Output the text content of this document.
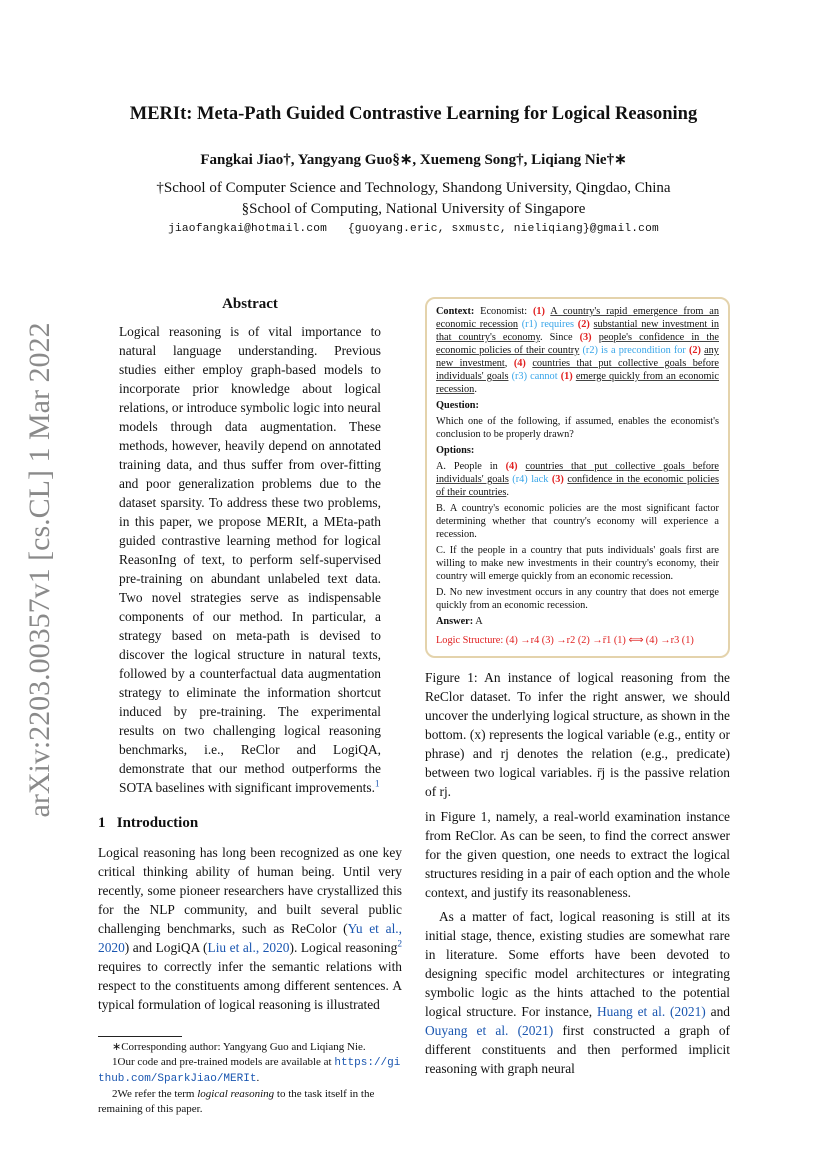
arXiv:2203.00357v1 [cs.CL] 1 Mar 2022
MERIt: Meta-Path Guided Contrastive Learning for Logical Reasoning
Fangkai Jiao†, Yangyang Guo§∗, Xuemeng Song†, Liqiang Nie†∗
†School of Computer Science and Technology, Shandong University, Qingdao, China
§School of Computing, National University of Singapore
jiaofangkai@hotmail.com   {guoyang.eric, sxmustc, nieliqiang}@gmail.com
Abstract
Logical reasoning is of vital importance to natural language understanding. Previous studies either employ graph-based models to incorporate prior knowledge about logical relations, or introduce symbolic logic into neural models through data augmentation. These methods, however, heavily depend on annotated training data, and thus suffer from over-fitting and poor generalization problems due to the dataset sparsity. To address these two problems, in this paper, we propose MERIt, a MEta-path guided contrastive learning method for logical ReasonIng of text, to perform self-supervised pre-training on abundant unlabeled text data. Two novel strategies serve as indispensable components of our method. In particular, a strategy based on meta-path is devised to discover the logical structure in natural texts, followed by a counterfactual data augmentation strategy to eliminate the information shortcut induced by pre-training. The experimental results on two challenging logical reasoning benchmarks, i.e., ReClor and LogiQA, demonstrate that our method outperforms the SOTA baselines with significant improvements.$^1$
1   Introduction
Logical reasoning has long been recognized as one key critical thinking ability of human being. Until very recently, some pioneer researchers have crystallized this for the NLP community, and built several public challenging benchmarks, such as ReColor (Yu et al., 2020) and LogiQA (Liu et al., 2020). Logical reasoning$^2$ requires to correctly infer the semantic relations with respect to the constituents among different sentences. A typical formulation of logical reasoning is illustrated
∗Corresponding author: Yangyang Guo and Liqiang Nie.
1Our code and pre-trained models are available at https://github.com/SparkJiao/MERIt.
2We refer the term logical reasoning to the task itself in the remaining of this paper.

Context: Economist: (1) A country's rapid emergence from an economic recession (r1) requires (2) substantial new investment in that country's economy. Since (3) people's confidence in the economic policies of their country (r2) is a precondition for (2) any new investment, (4) countries that put collective goals before individuals' goals (r3) cannot (1) emerge quickly from an economic recession.

Question:

Which one of the following, if assumed, enables the economist's conclusion to be properly drawn?

Options:

A. People in (4) countries that put collective goals before individuals' goals (r4) lack (3) confidence in the economic policies of their countries.

B. A country's economic policies are the most significant factor determining whether that country's economy will experience a recession.

C. If the people in a country that puts individuals' goals first are willing to make new investments in their country's economy, their country will emerge quickly from an economic recession.

D. No new investment occurs in any country that does not emerge quickly from an economic recession.

Answer: A

Logic Structure: (4) →r4 (3) →r2 (2) →r̄1 (1) ⟺ (4) →r3 (1)

Figure 1: An instance of logical reasoning from the ReClor dataset. To infer the right answer, we should uncover the underlying logical structure, as shown in the bottom. (x) represents the logical variable (e.g., entity or phrase) and rj denotes the relation (e.g., predicate) between two logical variables. r̄j is the passive relation of rj.

in Figure 1, namely, a real-world examination instance from ReClor. As can be seen, to find the correct answer for the given question, one needs to extract the logical structures residing in a pair of each option and the whole context, and justify its reasonableness.

As a matter of fact, logical reasoning is still at its initial stage, thence, existing studies are somewhat rare in literature. Some efforts have been devoted to designing specific model architectures or integrating symbolic logic as the hints attached to the potential logical structure. For instance, Huang et al. (2021) and Ouyang et al. (2021) first constructed a graph of different constituents and then performed implicit reasoning with graph neural
